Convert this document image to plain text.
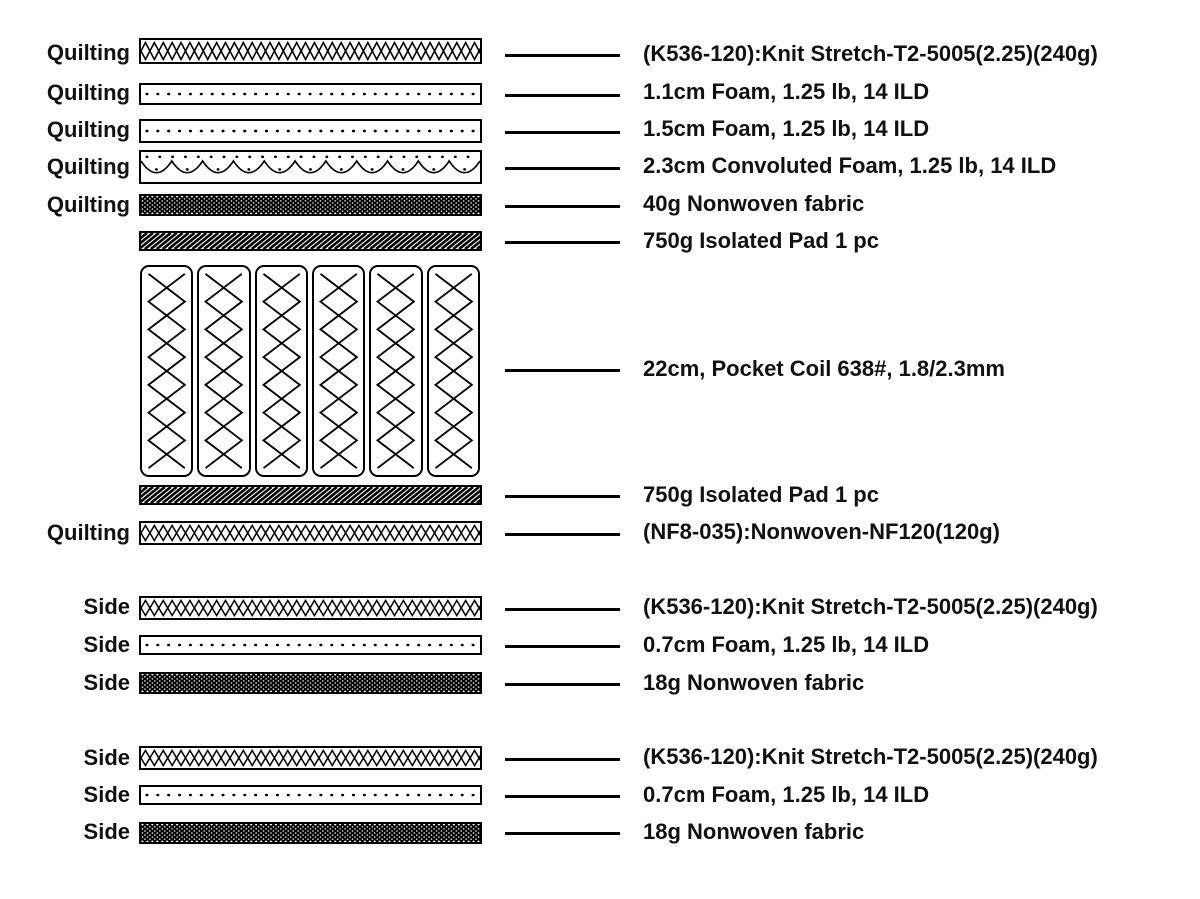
Quilting	(K536-120):Knit Stretch-T2-5005(2.25)(240g)
Quilting	1.1cm Foam, 1.25 lb, 14 ILD
Quilting	1.5cm Foam, 1.25 lb, 14 ILD
Quilting	2.3cm Convoluted Foam, 1.25 lb, 14 ILD
Quilting	40g Nonwoven fabric
750g Isolated Pad 1 pc
22cm, Pocket Coil 638#, 1.8/2.3mm
750g Isolated Pad 1 pc
Quilting	(NF8-035):Nonwoven-NF120(120g)
Side	(K536-120):Knit Stretch-T2-5005(2.25)(240g)
Side	0.7cm Foam, 1.25 lb, 14 ILD
Side	18g Nonwoven fabric
Side	(K536-120):Knit Stretch-T2-5005(2.25)(240g)
Side	0.7cm Foam, 1.25 lb, 14 ILD
Side	18g Nonwoven fabric
